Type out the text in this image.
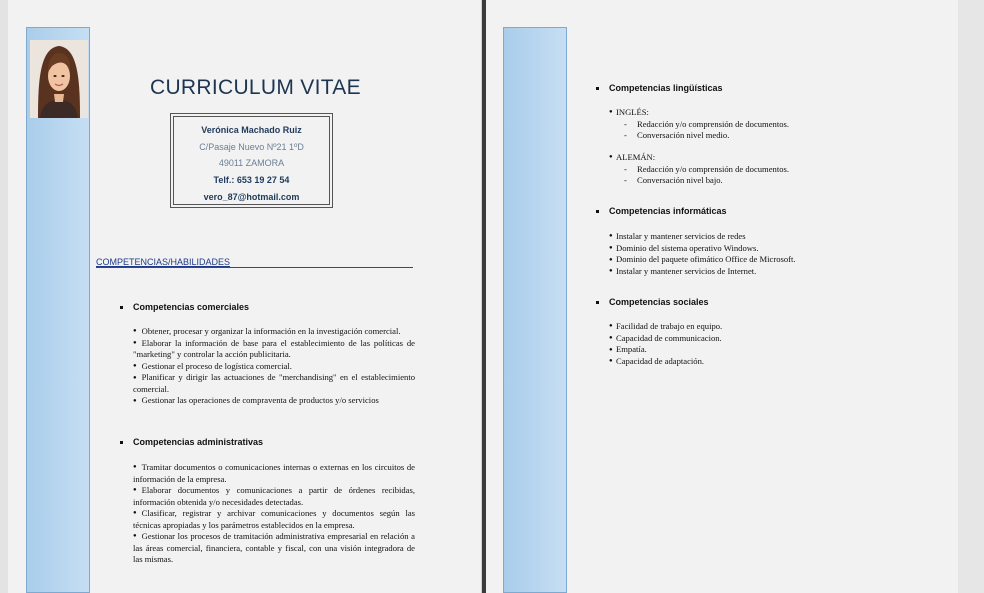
CURRICULUM VITAE
Verónica Machado Ruiz
C/Pasaje Nuevo Nº21 1ºD
49011 ZAMORA
Telf.: 653 19 27 54
vero_87@hotmail.com
COMPETENCIAS/HABILIDADES
Competencias comerciales

● Obtener, procesar y organizar la información en la investigación comercial.

● Elaborar la información de base para el establecimiento de las políticas de "marketing" y controlar la acción publicitaria.

● Gestionar el proceso de logística comercial.

● Planificar y dirigir las actuaciones de "merchandising" en el establecimiento comercial.

● Gestionar las operaciones de compraventa de productos y/o servicios

Competencias administrativas

● Tramitar documentos o comunicaciones internas o externas en los circuitos de información de la empresa.

● Elaborar documentos y comunicaciones a partir de órdenes recibidas, información obtenida y/o necesidades detectadas.

● Clasificar, registrar y archivar comunicaciones y documentos según las técnicas apropiadas y los parámetros establecidos en la empresa.

● Gestionar los procesos de tramitación administrativa empresarial en relación a las áreas comercial, financiera, contable y fiscal, con una visión integradora de las mismas.

Competencias lingüísticas
● INGLÉS:
- Redacción y/o comprensión de documentos.
- Conversación nivel medio.
● ALEMÁN:
- Redacción y/o comprensión de documentos.
- Conversación nivel bajo.
Competencias informáticas
● Instalar y mantener servicios de redes
● Dominio del sistema operativo Windows.
● Dominio del paquete ofimático Office de Microsoft.
● Instalar y mantener servicios de Internet.
Competencias sociales
● Facilidad de trabajo en equipo.
● Capacidad de communicacion.
● Empatía.
● Capacidad de adaptación.
